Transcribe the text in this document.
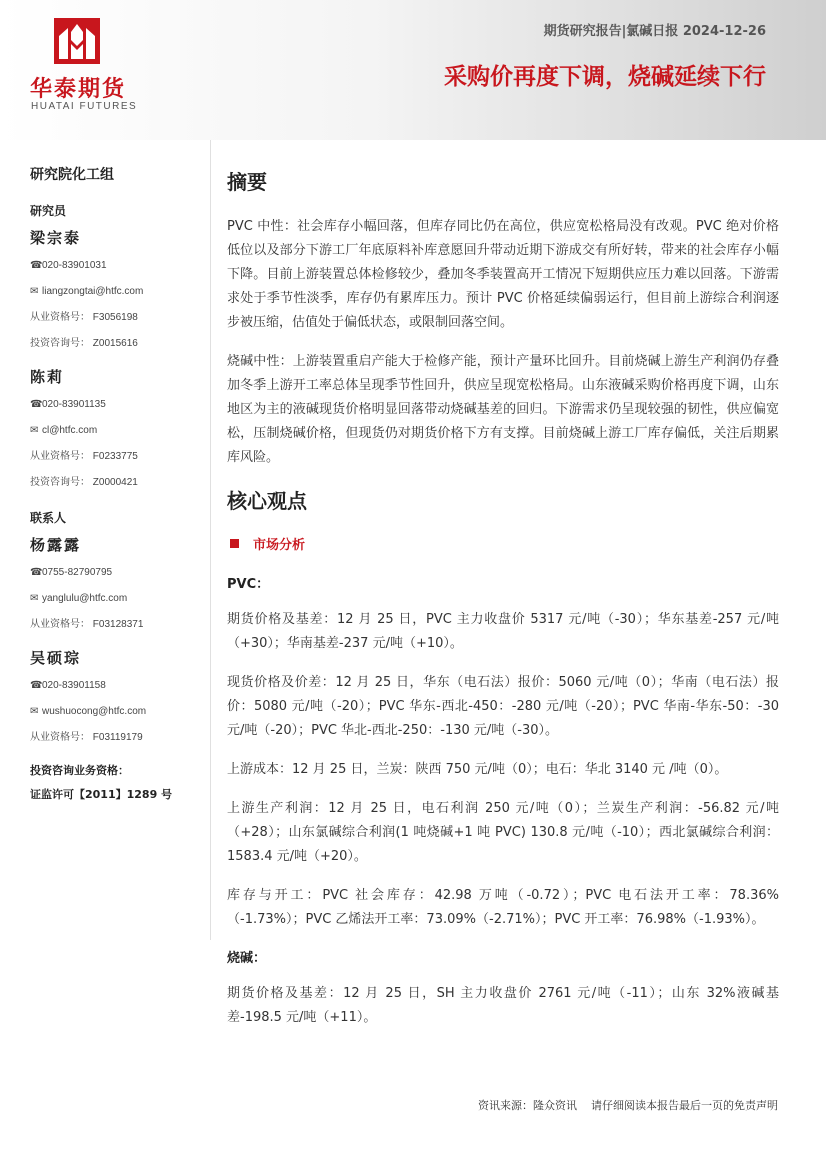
华泰期货
HUATAI FUTURES
期货研究报告|氯碱日报 2024-12-26
采购价再度下调，烧碱延续下行
研究院化工组
研究员
梁宗泰
☎020-83901031
✉ liangzongtai@htfc.com
从业资格号： F3056198
投资咨询号： Z0015616
陈莉
☎020-83901135
✉ cl@htfc.com
从业资格号： F0233775
投资咨询号： Z0000421
联系人
杨露露
☎0755-82790795
✉ yanglulu@htfc.com
从业资格号： F03128371
吴硕琮
☎020-83901158
✉ wushuocong@htfc.com
从业资格号： F03119179
投资咨询业务资格：
证监许可【2011】1289 号
摘要

PVC 中性：社会库存小幅回落，但库存同比仍在高位，供应宽松格局没有改观。PVC 绝对价格低位以及部分下游工厂年底原料补库意愿回升带动近期下游成交有所好转，带来的社会库存小幅下降。目前上游装置总体检修较少，叠加冬季装置高开工情况下短期供应压力难以回落。下游需求处于季节性淡季，库存仍有累库压力。预计 PVC 价格延续偏弱运行，但目前上游综合利润逐步被压缩，估值处于偏低状态，或限制回落空间。

烧碱中性：上游装置重启产能大于检修产能，预计产量环比回升。目前烧碱上游生产利润仍存叠加冬季上游开工率总体呈现季节性回升，供应呈现宽松格局。山东液碱采购价格再度下调，山东地区为主的液碱现货价格明显回落带动烧碱基差的回归。下游需求仍呈现较强的韧性，供应偏宽松，压制烧碱价格，但现货仍对期货价格下方有支撑。目前烧碱上游工厂库存偏低，关注后期累库风险。

核心观点
市场分析
PVC：

期货价格及基差：12 月 25 日，PVC 主力收盘价 5317 元/吨（-30）；华东基差-257 元/吨（+30）；华南基差-237 元/吨（+10）。

现货价格及价差：12 月 25 日，华东（电石法）报价：5060 元/吨（0）；华南（电石法）报价：5080 元/吨（-20）；PVC 华东-西北-450：-280 元/吨（-20）；PVC 华南-华东-50：-30 元/吨（-20）；PVC 华北-西北-250：-130 元/吨（-30）。

上游成本：12 月 25 日，兰炭：陕西 750 元/吨（0）；电石：华北 3140 元 /吨（0）。

上游生产利润：12 月 25 日，电石利润 250 元/吨（0）；兰炭生产利润：-56.82 元/吨（+28）；山东氯碱综合利润(1 吨烧碱+1 吨 PVC) 130.8 元/吨（-10）；西北氯碱综合利润：1583.4 元/吨（+20）。

库存与开工：PVC 社会库存：42.98 万吨（-0.72）；PVC 电石法开工率：78.36%（-1.73%）；PVC 乙烯法开工率：73.09%（-2.71%）；PVC 开工率：76.98%（-1.93%）。

烧碱：

期货价格及基差：12 月 25 日，SH 主力收盘价 2761 元/吨（-11）；山东 32%液碱基差-198.5 元/吨（+11）。

资讯来源：隆众资讯    请仔细阅读本报告最后一页的免责声明
